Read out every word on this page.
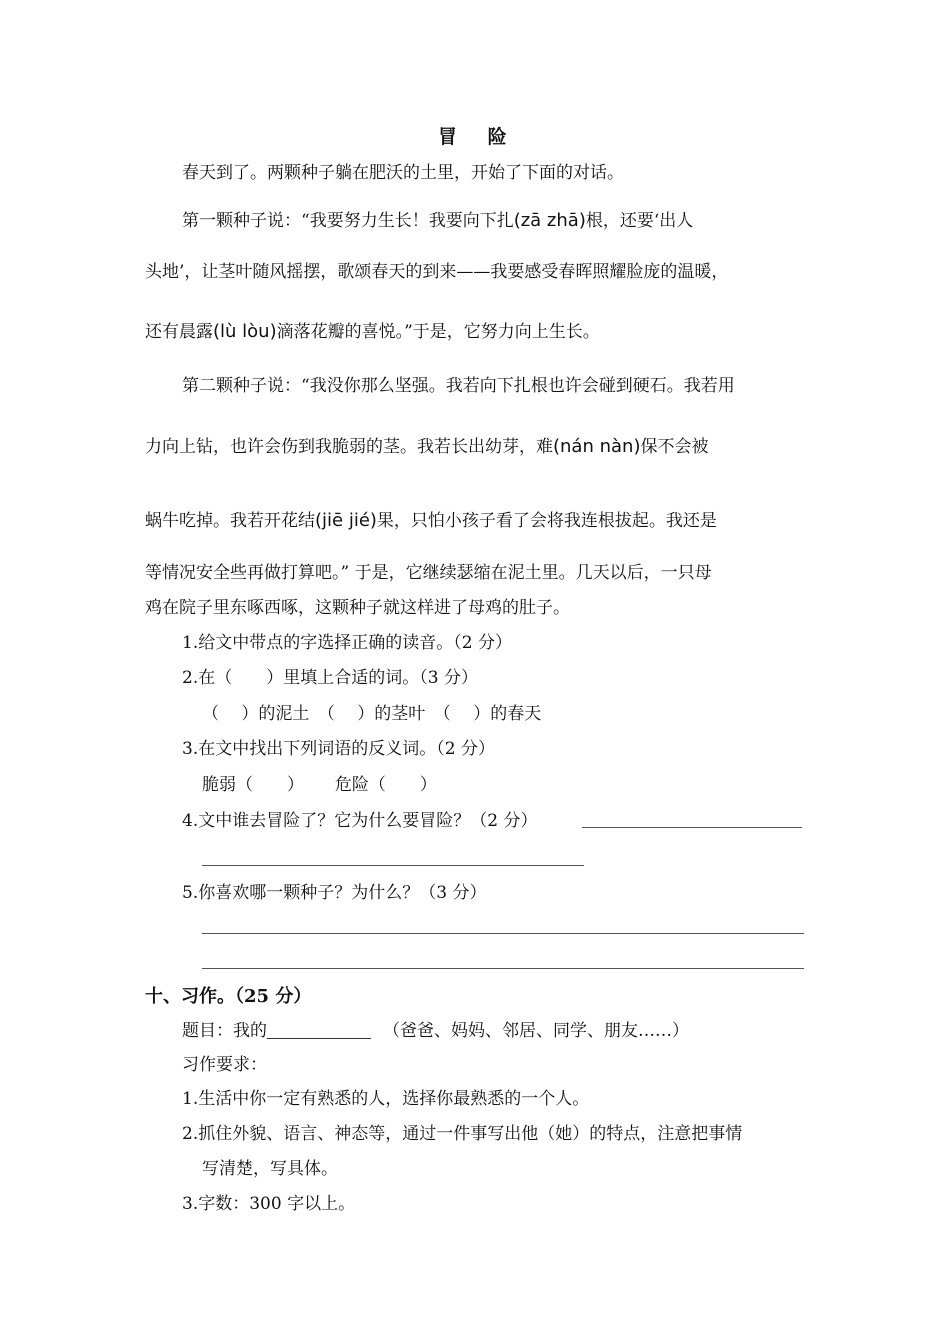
冒 险
春天到了。两颗种子躺在肥沃的土里，开始了下面的对话。
第一颗种子说：“我要努力生长！我要向下扎(zā zhā)根，还要‘出人
头地’，让茎叶随风摇摆，歌颂春天的到来——我要感受春晖照耀脸庞的温暖，
还有晨露(lù lòu)滴落花瓣的喜悦。”于是，它努力向上生长。
第二颗种子说：“我没你那么坚强。我若向下扎根也许会碰到硬石。我若用
力向上钻，也许会伤到我脆弱的茎。我若长出幼芽，难(nán nàn)保不会被
蜗牛吃掉。我若开花结(jiē jié)果，只怕小孩子看了会将我连根拔起。我还是
等情况安全些再做打算吧。” 于是，它继续瑟缩在泥土里。几天以后，一只母
鸡在院子里东啄西啄，这颗种子就这样进了母鸡的肚子。
1.给文中带点的字选择正确的读音。（2 分）
2.在（　　）里填上合适的词。（3 分）
（　 ）的泥土　（　 ）的茎叶　（　 ）的春天
3.在文中找出下列词语的反义词。（2 分）
脆弱（　　）　　 危险（　　）
4.文中谁去冒险了？它为什么要冒险？（2 分）
5.你喜欢哪一颗种子？为什么？（3 分）
十、习作。（25 分）
题目：我的	（爸爸、妈妈、邻居、同学、朋友……）
习作要求：
1.生活中你一定有熟悉的人，选择你最熟悉的一个人。
2.抓住外貌、语言、神态等，通过一件事写出他（她）的特点，注意把事情
写清楚，写具体。
3.字数：300 字以上。
